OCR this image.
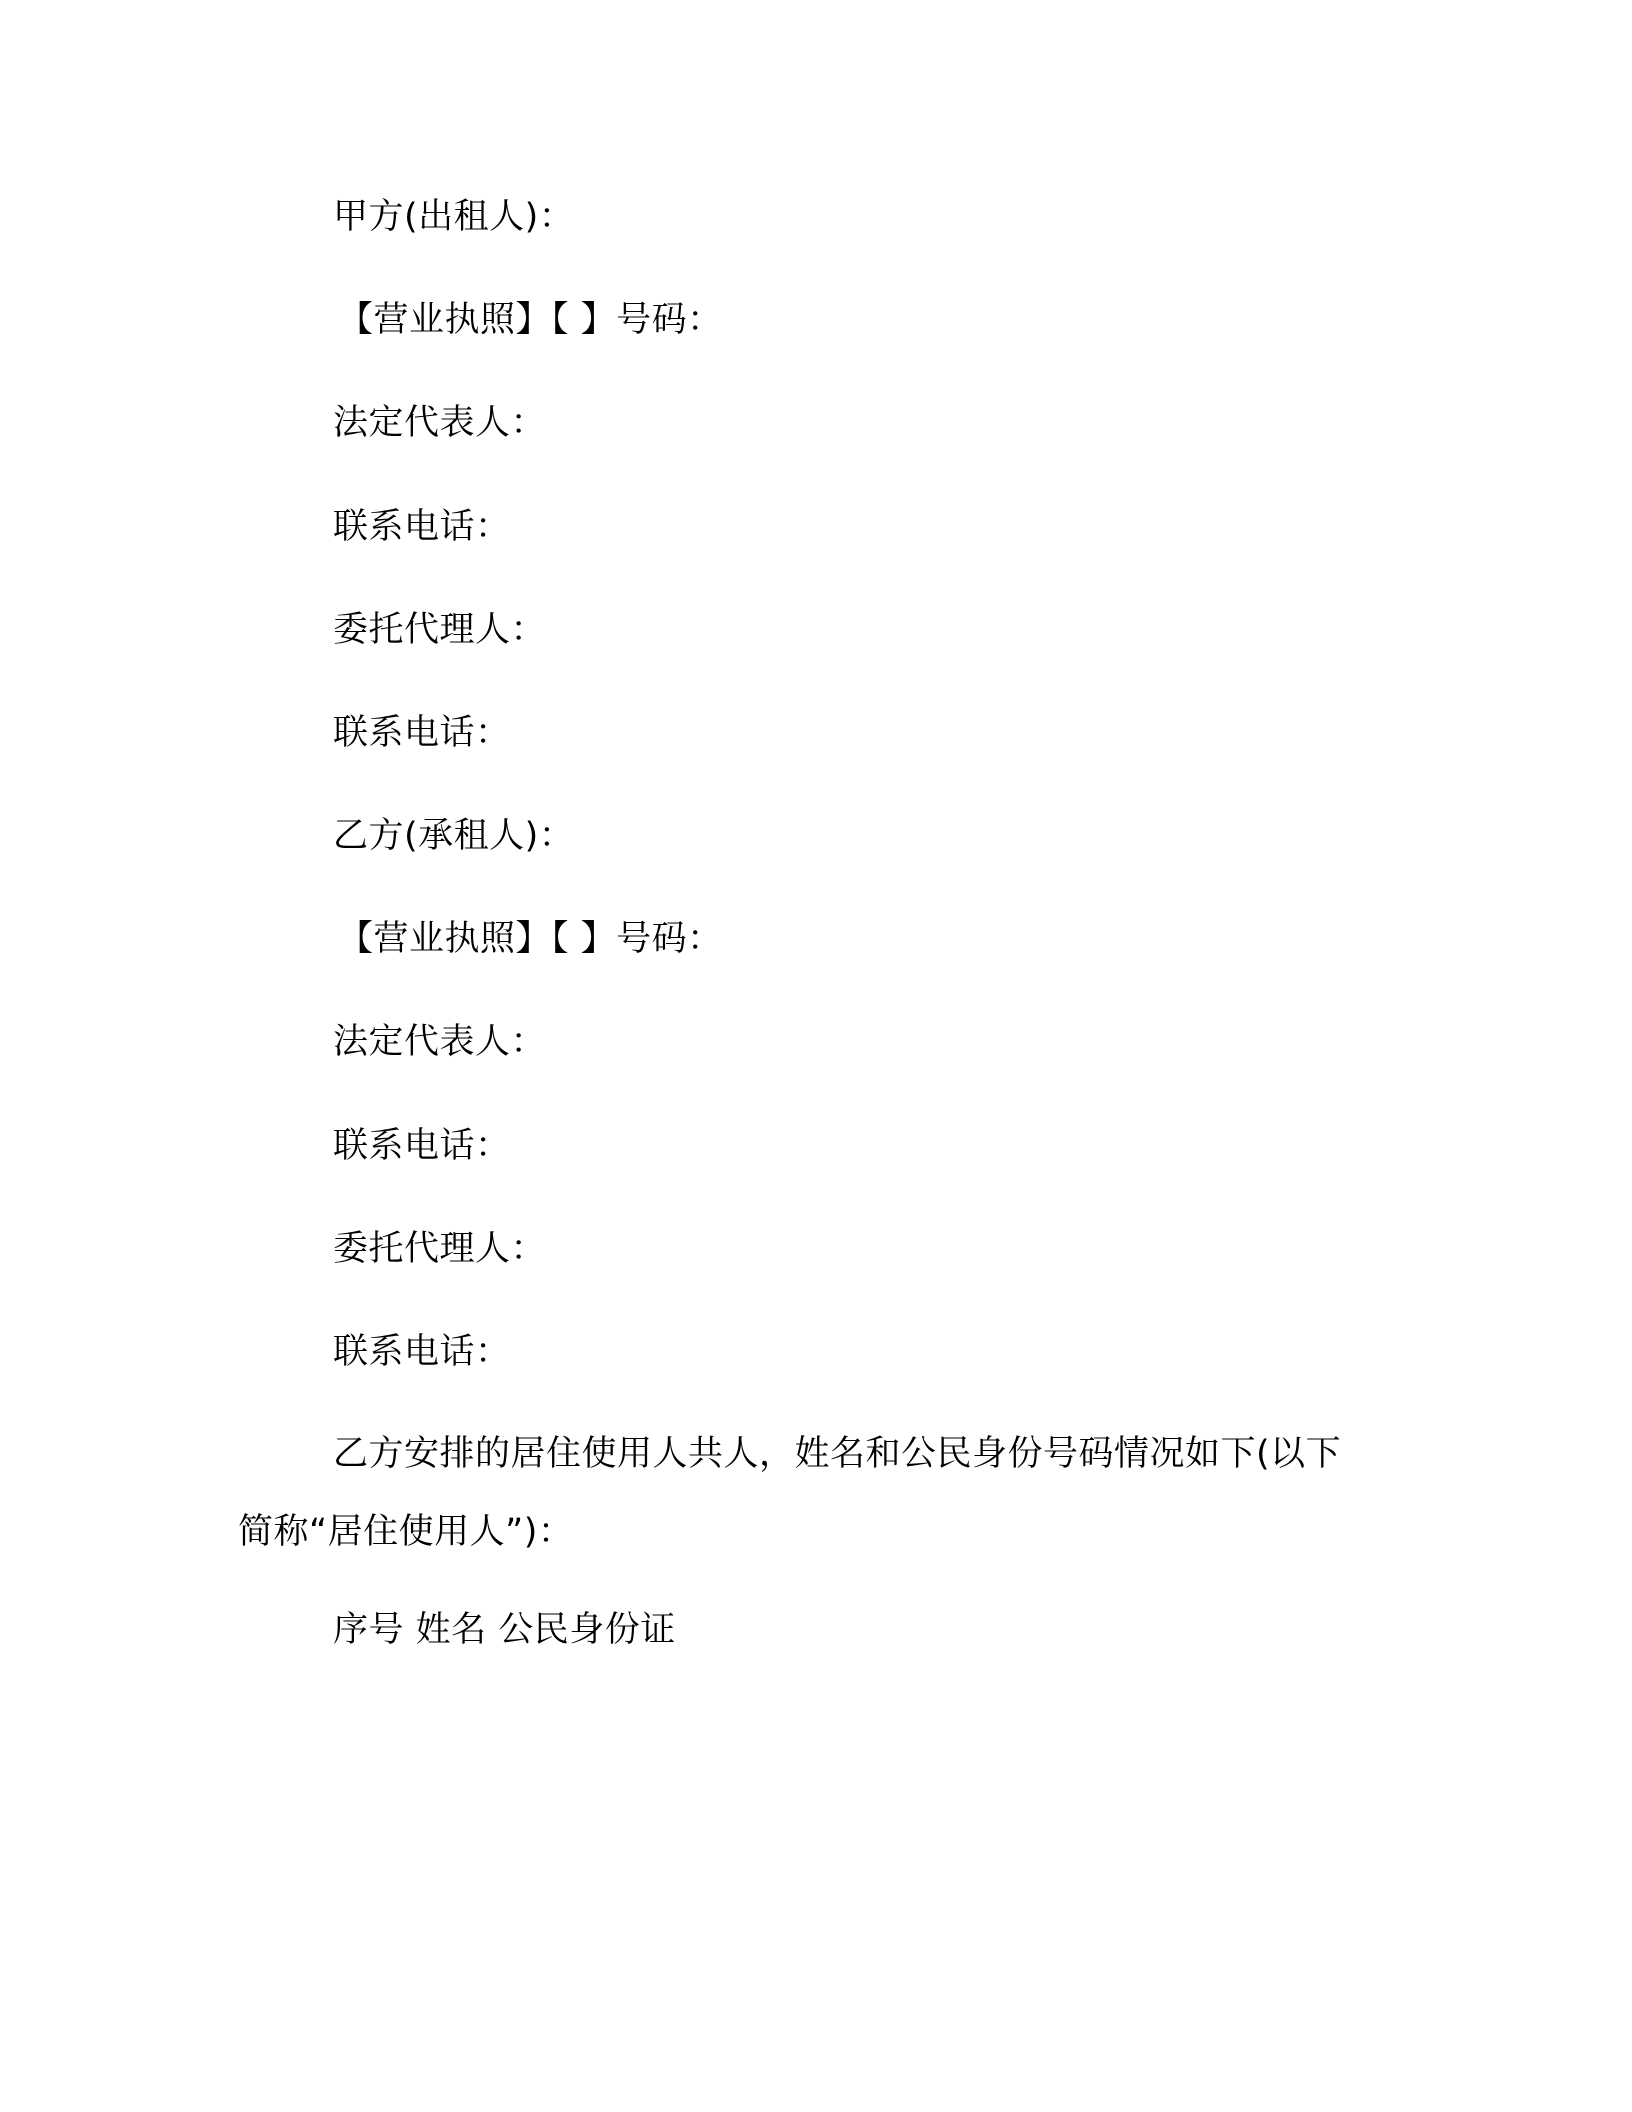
甲方(出租人)：
【营业执照】【 】号码：
法定代表人：
联系电话：
委托代理人：
联系电话：
乙方(承租人)：
【营业执照】【 】号码：
法定代表人：
联系电话：
委托代理人：
联系电话：
乙方安排的居住使用人共人，姓名和公民身份号码情况如下(以下简称“居住使用人”)：
序号 姓名 公民身份证
